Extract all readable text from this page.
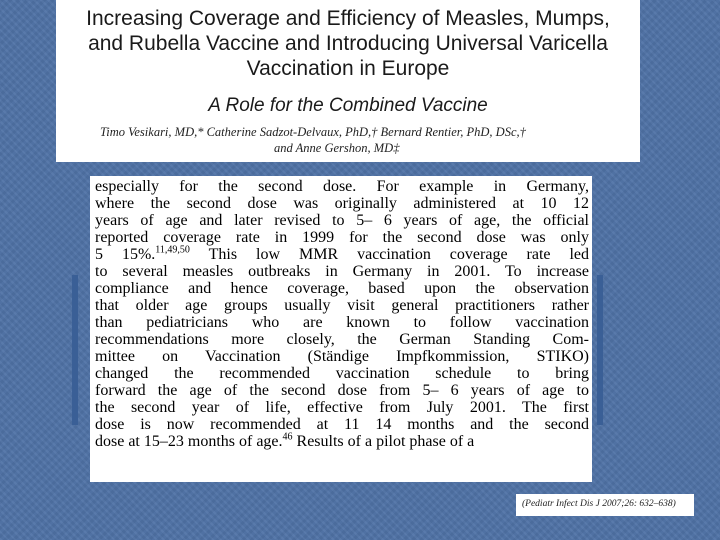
Increasing Coverage and Efficiency of Measles, Mumps,
and Rubella Vaccine and Introducing Universal Varicella
Vaccination in Europe
A Role for the Combined Vaccine
Timo Vesikari, MD,* Catherine Sadzot-Delvaux, PhD,† Bernard Rentier, PhD, DSc,†
and Anne Gershon, MD‡
especially for the second dose. For example in Germany,
where the second dose was originally administered at 10 12
years of age and later revised to 5– 6 years of age, the official
reported coverage rate in 1999 for the second dose was only
5 15%.$^{11,49,50}$ This low MMR vaccination coverage rate led
to several measles outbreaks in Germany in 2001. To increase
compliance and hence coverage, based upon the observation
that older age groups usually visit general practitioners rather
than pediatricians who are known to follow vaccination
recommendations more closely, the German Standing Com-
mittee on Vaccination (Ständige Impfkommission, STIKO)
changed the recommended vaccination schedule to bring
forward the age of the second dose from 5– 6 years of age to
the second year of life, effective from July 2001. The first
dose is now recommended at 11 14 months and the second
dose at 15–23 months of age.$^{46}$ Results of a pilot phase of a
(Pediatr Infect Dis J 2007;26: 632–638)
